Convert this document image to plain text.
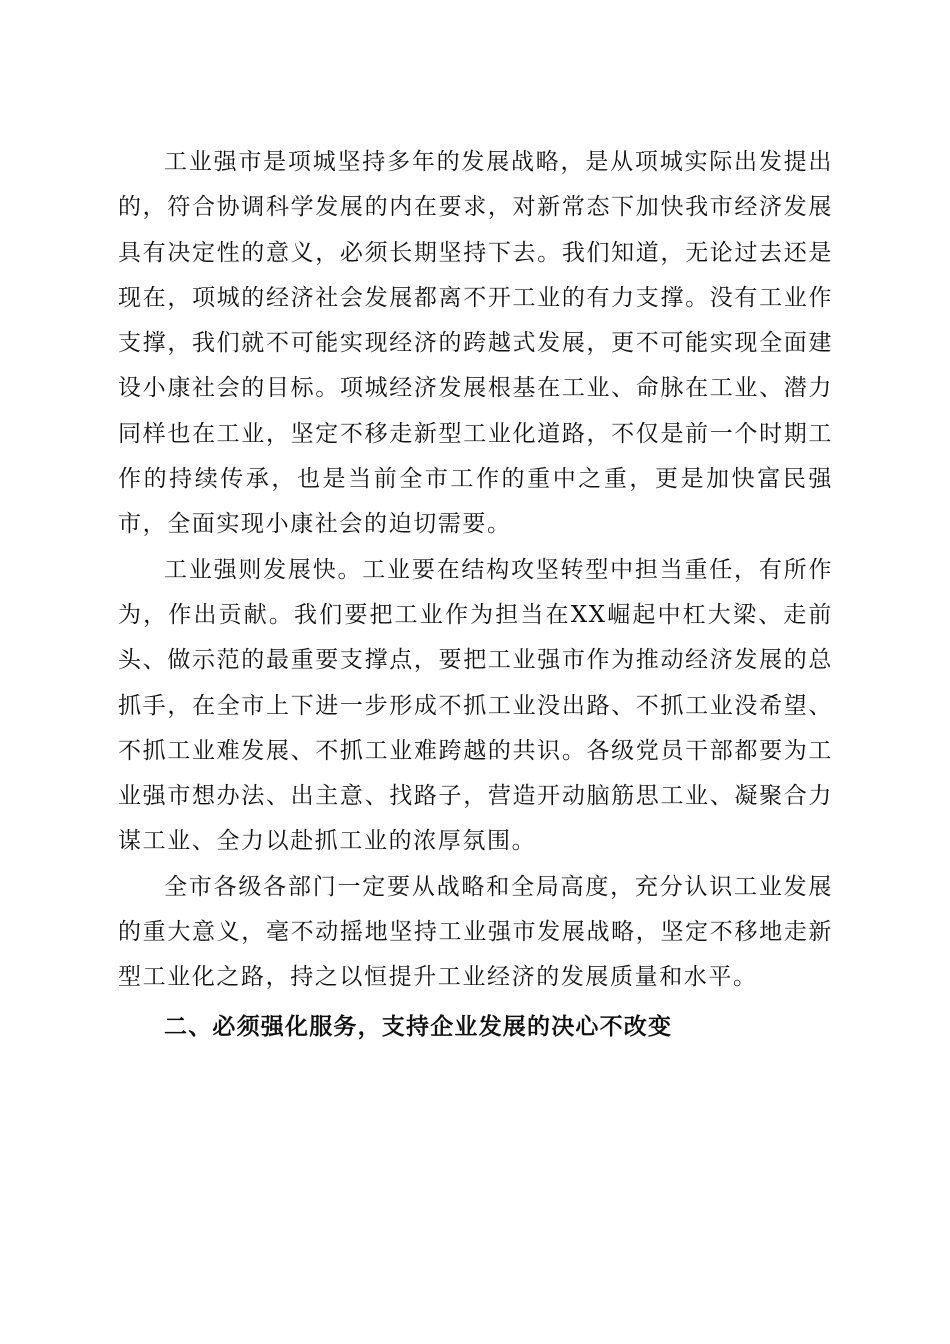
工业强市是项城坚持多年的发展战略，是从项城实际出发提出的，符合协调科学发展的内在要求，对新常态下加快我市经济发展具有决定性的意义，必须长期坚持下去。我们知道，无论过去还是现在，项城的经济社会发展都离不开工业的有力支撑。没有工业作支撑，我们就不可能实现经济的跨越式发展，更不可能实现全面建设小康社会的目标。项城经济发展根基在工业、命脉在工业、潜力同样也在工业，坚定不移走新型工业化道路，不仅是前一个时期工作的持续传承，也是当前全市工作的重中之重，更是加快富民强市，全面实现小康社会的迫切需要。

工业强则发展快。工业要在结构攻坚转型中担当重任，有所作为，作出贡献。我们要把工业作为担当在XX崛起中杠大梁、走前头、做示范的最重要支撑点，要把工业强市作为推动经济发展的总抓手，在全市上下进一步形成不抓工业没出路、不抓工业没希望、不抓工业难发展、不抓工业难跨越的共识。各级党员干部都要为工业强市想办法、出主意、找路子，营造开动脑筋思工业、凝聚合力谋工业、全力以赴抓工业的浓厚氛围。

全市各级各部门一定要从战略和全局高度，充分认识工业发展的重大意义，毫不动摇地坚持工业强市发展战略，坚定不移地走新型工业化之路，持之以恒提升工业经济的发展质量和水平。

二、必须强化服务，支持企业发展的决心不改变
